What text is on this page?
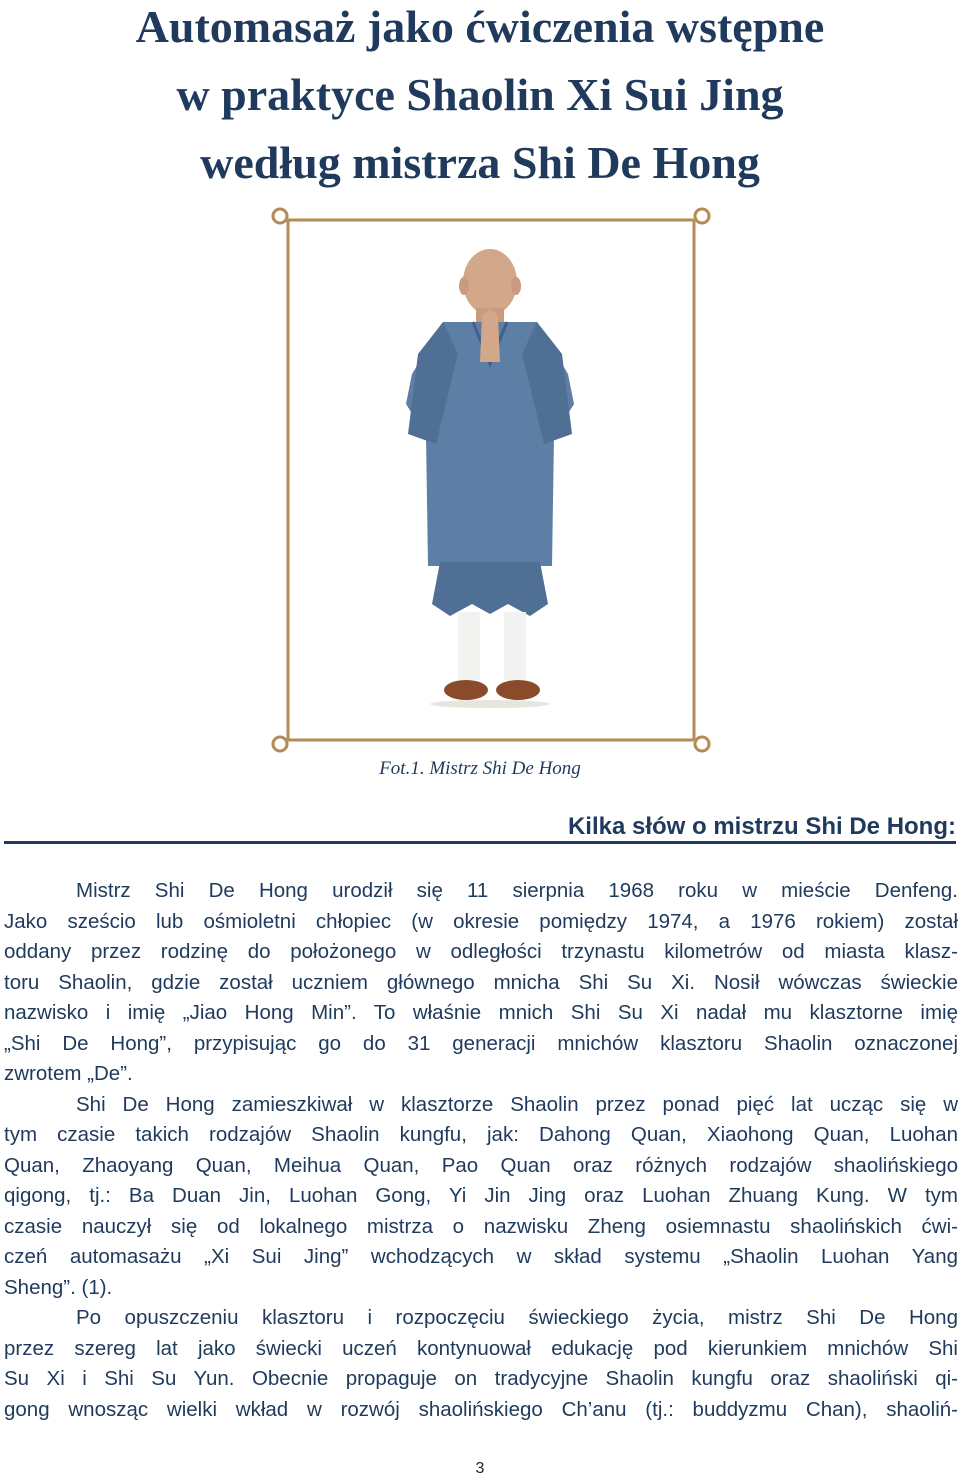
Automasaż jako ćwiczenia wstępne
w praktyce Shaolin Xi Sui Jing
według mistrza Shi De Hong
Fot.1. Mistrz Shi De Hong
Kilka słów o mistrzu Shi De Hong:
Mistrz Shi De Hong urodził się 11 sierpnia 1968 roku w mieście Denfeng.
Jako sześcio lub ośmioletni chłopiec (w okresie pomiędzy 1974, a 1976 rokiem) został
oddany przez rodzinę do położonego w odległości trzynastu kilometrów od miasta klasz-
toru Shaolin, gdzie został uczniem głównego mnicha Shi Su Xi. Nosił wówczas świeckie
nazwisko i imię „Jiao Hong Min”. To właśnie mnich Shi Su Xi nadał mu klasztorne imię
„Shi De Hong”, przypisując go do 31 generacji mnichów klasztoru Shaolin oznaczonej
zwrotem „De”.
Shi De Hong zamieszkiwał w klasztorze Shaolin przez ponad pięć lat ucząc się w
tym czasie takich rodzajów Shaolin kungfu, jak: Dahong Quan, Xiaohong Quan, Luohan
Quan, Zhaoyang Quan, Meihua Quan, Pao Quan oraz różnych rodzajów shaolińskiego
qigong, tj.: Ba Duan Jin, Luohan Gong, Yi Jin Jing oraz Luohan Zhuang Kung. W tym
czasie nauczył się od lokalnego mistrza o nazwisku Zheng osiemnastu shaolińskich ćwi-
czeń automasażu „Xi Sui Jing” wchodzących w skład systemu „Shaolin Luohan Yang
Sheng”. (1).
Po opuszczeniu klasztoru i rozpoczęciu świeckiego życia, mistrz Shi De Hong
przez szereg lat jako świecki uczeń kontynuował edukację pod kierunkiem mnichów Shi
Su Xi i Shi Su Yun. Obecnie propaguje on tradycyjne Shaolin kungfu oraz shaoliński qi-
gong wnosząc wielki wkład w rozwój shaolińskiego Ch’anu (tj.: buddyzmu Chan), shaoliń-
3
